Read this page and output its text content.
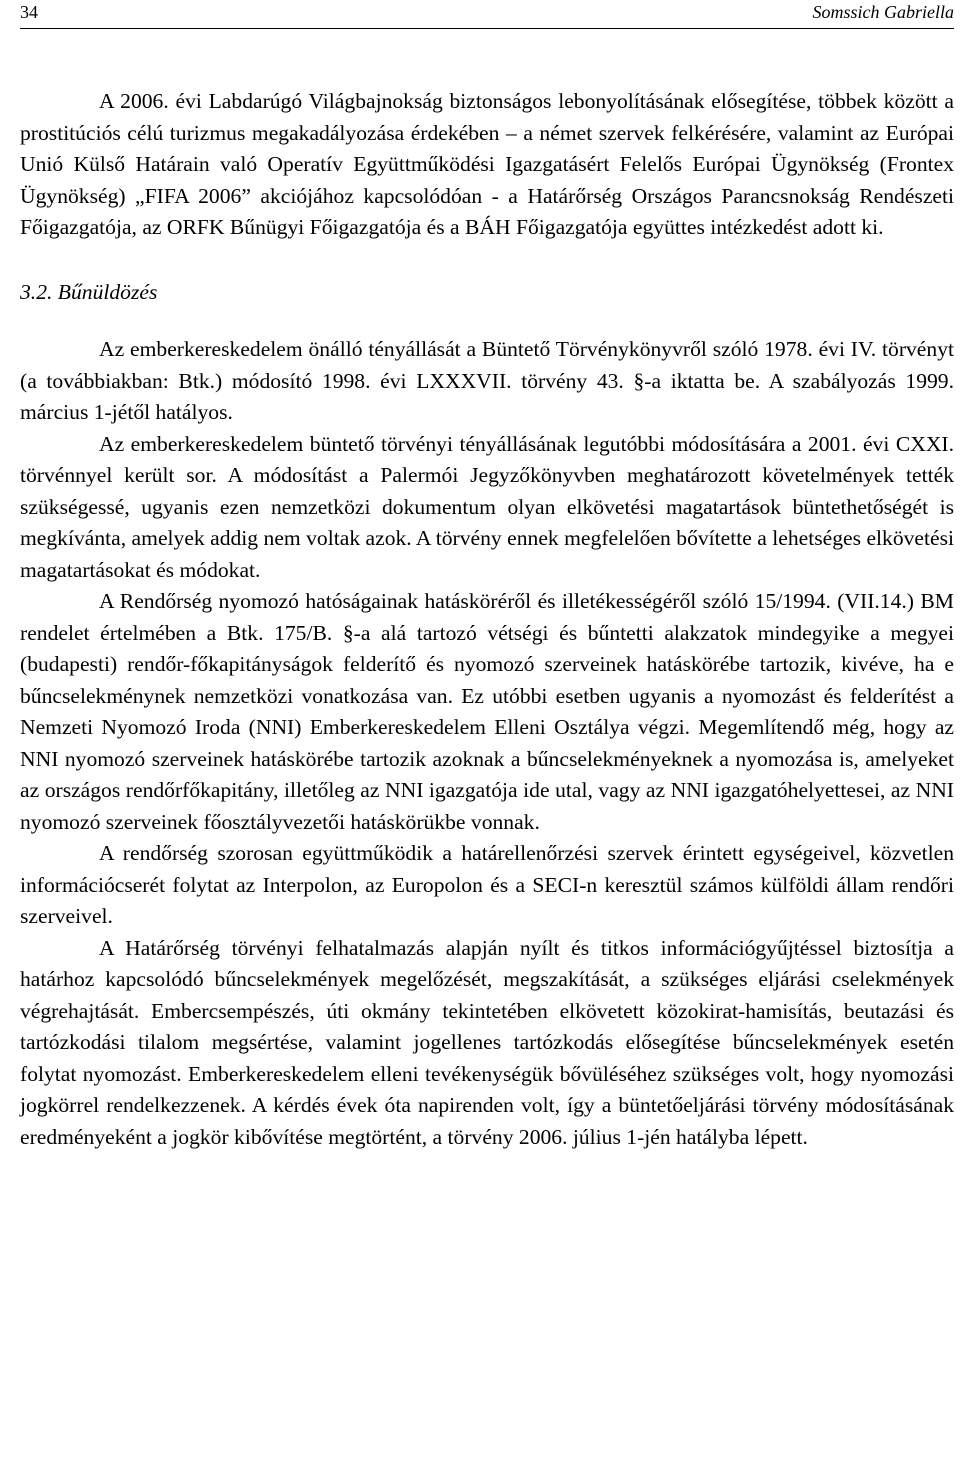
34	Somssich Gabriella

A 2006. évi Labdarúgó Világbajnokság biztonságos lebonyolításának elősegítése, többek között a prostitúciós célú turizmus megakadályozása érdekében – a német szervek felkérésére, valamint az Európai Unió Külső Határain való Operatív Együttműködési Igazgatásért Felelős Európai Ügynökség (Frontex Ügynökség) „FIFA 2006” akciójához kapcsolódóan - a Határőrség Országos Parancsnokság Rendészeti Főigazgatója, az ORFK Bűnügyi Főigazgatója és a BÁH Főigazgatója együttes intézkedést adott ki.

3.2. Bűnüldözés

Az emberkereskedelem önálló tényállását a Büntető Törvénykönyvről szóló 1978. évi IV. törvényt (a továbbiakban: Btk.) módosító 1998. évi LXXXVII. törvény 43. §-a iktatta be. A szabályozás 1999. március 1-jétől hatályos.

Az emberkereskedelem büntető törvényi tényállásának legutóbbi módosítására a 2001. évi CXXI. törvénnyel került sor. A módosítást a Palermói Jegyzőkönyvben meghatározott követelmények tették szükségessé, ugyanis ezen nemzetközi dokumentum olyan elkövetési magatartások büntethetőségét is megkívánta, amelyek addig nem voltak azok. A törvény ennek megfelelően bővítette a lehetséges elkövetési magatartásokat és módokat.

A Rendőrség nyomozó hatóságainak hatásköréről és illetékességéről szóló 15/1994. (VII.14.) BM rendelet értelmében a Btk. 175/B. §-a alá tartozó vétségi és bűntetti alakzatok mindegyike a megyei (budapesti) rendőr-főkapitányságok felderítő és nyomozó szerveinek hatáskörébe tartozik, kivéve, ha e bűncselekménynek nemzetközi vonatkozása van. Ez utóbbi esetben ugyanis a nyomozást és felderítést a Nemzeti Nyomozó Iroda (NNI) Emberkereskedelem Elleni Osztálya végzi. Megemlítendő még, hogy az NNI nyomozó szerveinek hatáskörébe tartozik azoknak a bűncselekményeknek a nyomozása is, amelyeket az országos rendőrfőkapitány, illetőleg az NNI igazgatója ide utal, vagy az NNI igazgatóhelyettesei, az NNI nyomozó szerveinek főosztályvezetői hatáskörükbe vonnak.

A rendőrség szorosan együttműködik a határellenőrzési szervek érintett egységeivel, közvetlen információcserét folytat az Interpolon, az Europolon és a SECI-n keresztül számos külföldi állam rendőri szerveivel.

A Határőrség törvényi felhatalmazás alapján nyílt és titkos információgyűjtéssel biztosítja a határhoz kapcsolódó bűncselekmények megelőzését, megszakítását, a szükséges eljárási cselekmények végrehajtását. Embercsempészés, úti okmány tekintetében elkövetett közokirat-hamisítás, beutazási és tartózkodási tilalom megsértése, valamint jogellenes tartózkodás elősegítése bűncselekmények esetén folytat nyomozást. Emberkereskedelem elleni tevékenységük bővüléséhez szükséges volt, hogy nyomozási jogkörrel rendelkezzenek. A kérdés évek óta napirenden volt, így a büntetőeljárási törvény módosításának eredményeként a jogkör kibővítése megtörtént, a törvény 2006. július 1-jén hatályba lépett.
